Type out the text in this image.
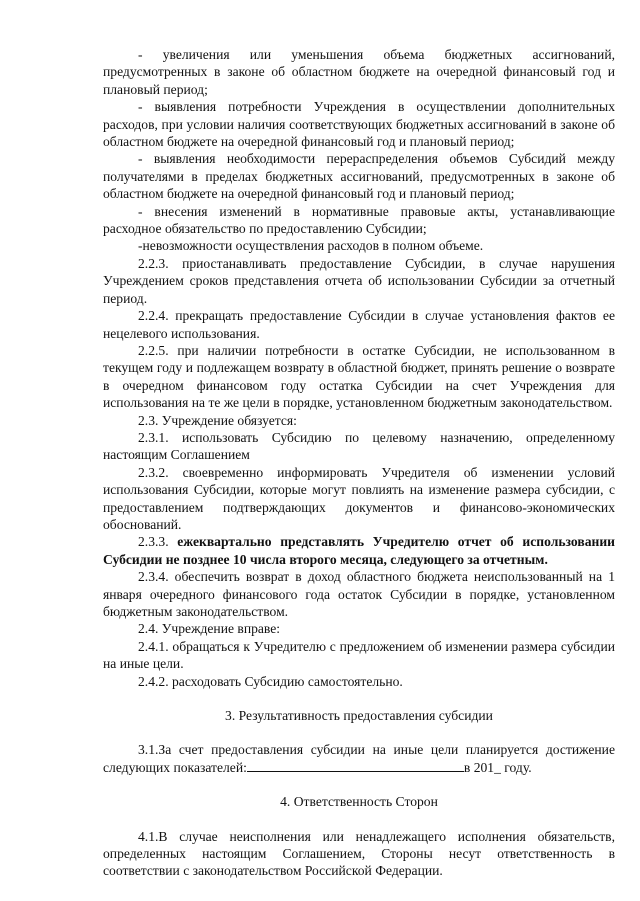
- увеличения или уменьшения объема бюджетных ассигнований, предусмотренных в законе об областном бюджете на очередной финансовый год и плановый период;

- выявления потребности Учреждения в осуществлении дополнительных расходов, при условии наличия соответствующих бюджетных ассигнований в законе об областном бюджете на очередной финансовый год и плановый период;

- выявления необходимости перераспределения объемов Субсидий между получателями в пределах бюджетных ассигнований, предусмотренных в законе об областном бюджете на очередной финансовый год и плановый период;

- внесения изменений в нормативные правовые акты, устанавливающие расходное обязательство по предоставлению Субсидии;

-невозможности осуществления расходов в полном объеме.

2.2.3. приостанавливать предоставление Субсидии, в случае нарушения Учреждением сроков представления отчета об использовании Субсидии за отчетный период.

2.2.4. прекращать предоставление Субсидии в случае установления фактов ее нецелевого использования.

2.2.5. при наличии потребности в остатке Субсидии, не использованном в текущем году и подлежащем возврату в областной бюджет, принять решение о возврате в очередном финансовом году остатка Субсидии на счет Учреждения для использования на те же цели в порядке, установленном бюджетным законодательством.

2.3. Учреждение обязуется:

2.3.1. использовать Субсидию по целевому назначению, определенному настоящим Соглашением

2.3.2. своевременно информировать Учредителя об изменении условий использования Субсидии, которые могут повлиять на изменение размера субсидии, с предоставлением подтверждающих документов и финансово-экономических обоснований.

2.3.3. ежеквартально представлять Учредителю отчет об использовании Субсидии не позднее 10 числа второго месяца, следующего за отчетным.

2.3.4. обеспечить возврат в доход областного бюджета неиспользованный на 1 января очередного финансового года остаток Субсидии в порядке, установленном бюджетным законодательством.

2.4. Учреждение вправе:

2.4.1. обращаться к Учредителю с предложением об изменении размера субсидии на иные цели.

2.4.2. расходовать Субсидию самостоятельно.

3. Результативность предоставления субсидии

3.1.За счет предоставления субсидии на иные цели планируется достижение следующих показателей:	в 201_ году.

4. Ответственность Сторон

4.1.В случае неисполнения или ненадлежащего исполнения обязательств, определенных настоящим Соглашением, Стороны несут ответственность в соответствии с законодательством Российской Федерации.
